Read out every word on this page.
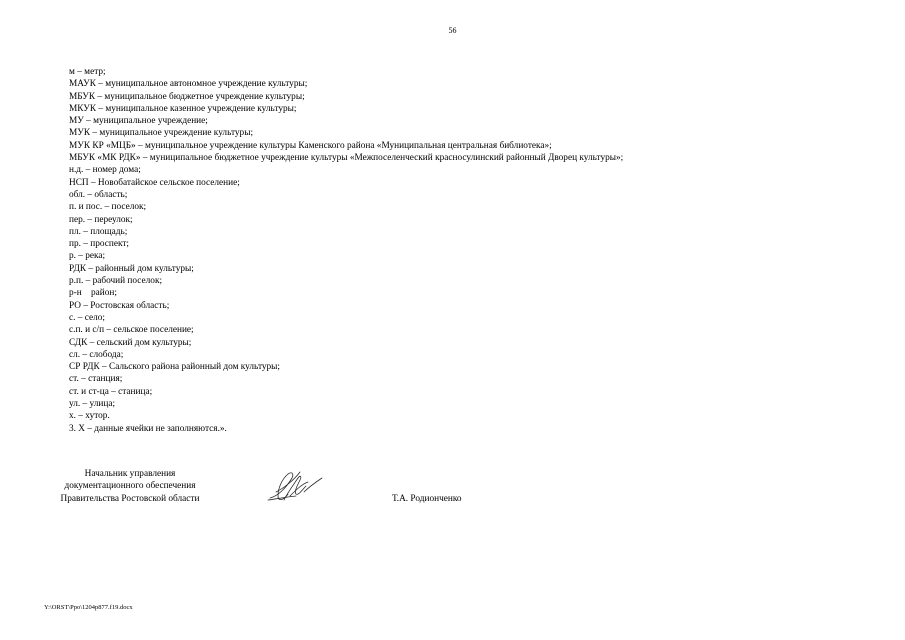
56
м – метр;
МАУК – муниципальное автономное учреждение культуры;
МБУК – муниципальное бюджетное учреждение культуры;
МКУК – муниципальное казенное учреждение культуры;
МУ – муниципальное учреждение;
МУК – муниципальное учреждение культуры;
МУК КР «МЦБ» – муниципальное учреждение культуры Каменского района «Муниципальная центральная библиотека»;
МБУК «МК РДК» – муниципальное бюджетное учреждение культуры «Межпоселенческий красносулинский районный Дворец культуры»;
н.д. – номер дома;
НСП – Новобатайское сельское поселение;
обл. – область;
п. и пос. – поселок;
пер. – переулок;
пл. – площадь;
пр. – проспект;
р. – река;
РДК – районный дом культуры;
р.п. – рабочий поселок;
р-н    район;
РО – Ростовская область;
с. – село;
с.п. и с/п – сельское поселение;
СДК – сельский дом культуры;
сл. – слобода;
СР РДК – Сальского района районный дом культуры;
ст. – станция;
ст. и ст-ца – станица;
ул. – улица;
х. – хутор.
3. Х – данные ячейки не заполняются.».
Начальник управления
документационного обеспечения
Правительства Ростовской области	Т.А. Родионченко
Y:\ORST\Ppo\1204p877.f19.docx
